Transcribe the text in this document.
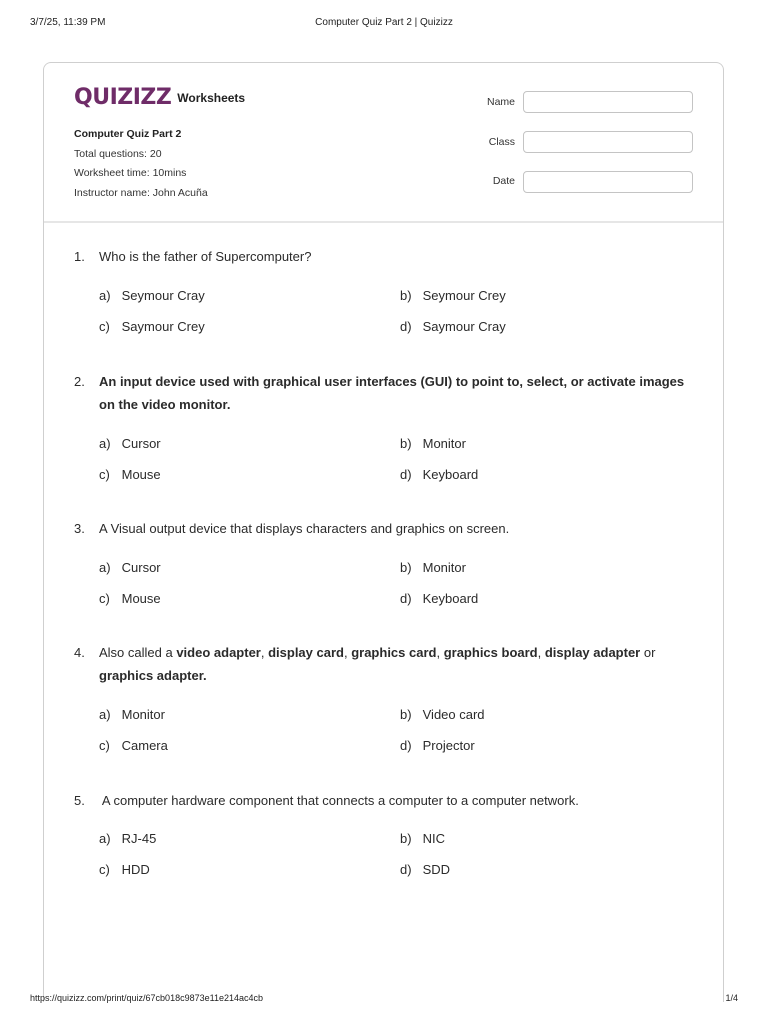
3/7/25, 11:39 PM	Computer Quiz Part 2 | Quizizz
QUIZIZZ Worksheets
Computer Quiz Part 2
Total questions: 20
Worksheet time: 10mins
Instructor name: John Acuña
Name
Class
Date
1. Who is the father of Supercomputer?
a) Seymour Cray	b) Seymour Crey
c) Saymour Crey	d) Saymour Cray
2. An input device used with graphical user interfaces (GUI) to point to, select, or activate images on the video monitor.
a) Cursor	b) Monitor
c) Mouse	d) Keyboard
3. A Visual output device that displays characters and graphics on screen.
a) Cursor	b) Monitor
c) Mouse	d) Keyboard
4. Also called a video adapter, display card, graphics card, graphics board, display adapter or graphics adapter.
a) Monitor	b) Video card
c) Camera	d) Projector
5. A computer hardware component that connects a computer to a computer network.
a) RJ-45	b) NIC
c) HDD	d) SDD
https://quizizz.com/print/quiz/67cb018c9873e11e214ac4cb	1/4
